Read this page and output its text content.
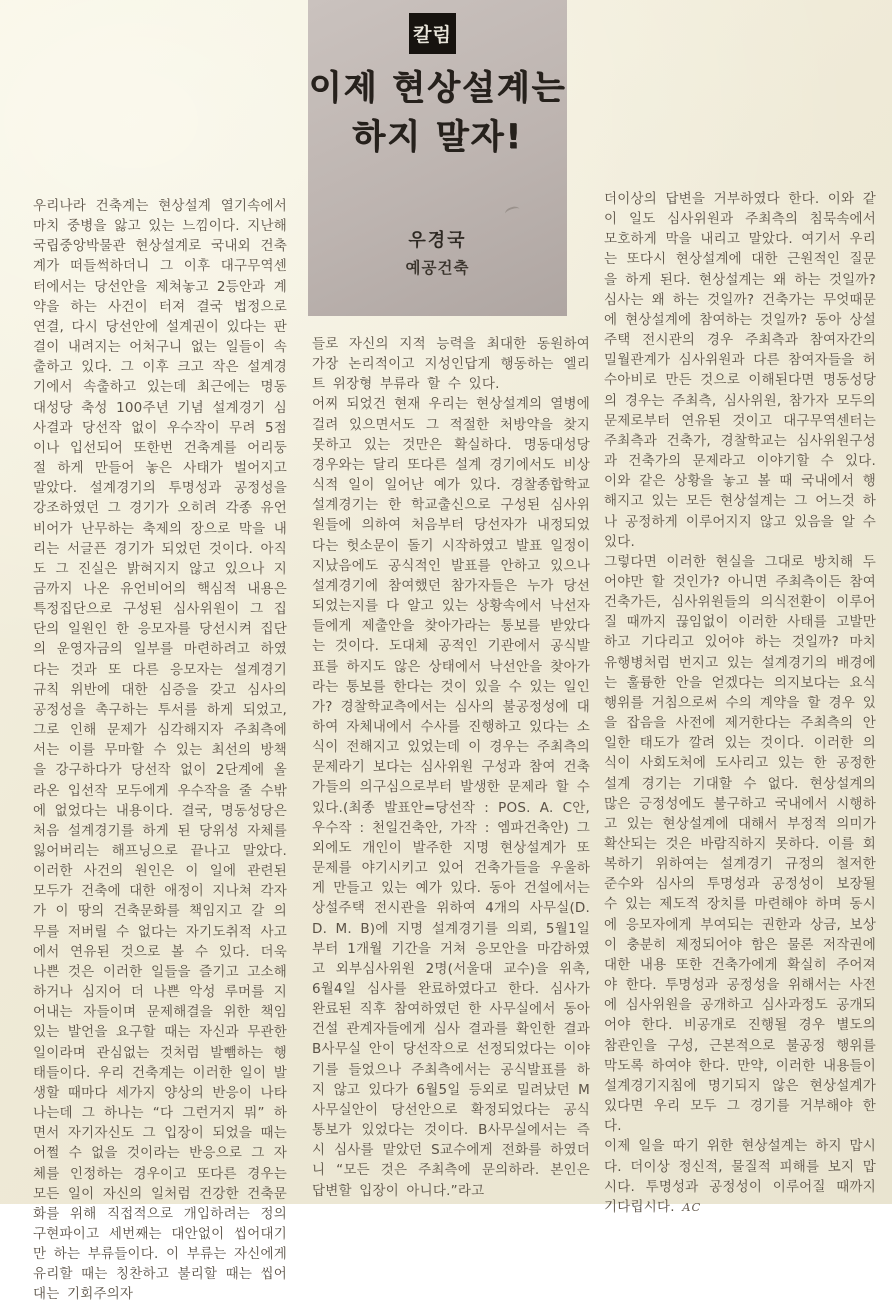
칼럼
이제 현상설계는
하지 말자!
우경국
예공건축

우리나라 건축계는 현상설계 열기속에서 마치 중병을 앓고 있는 느낌이다. 지난해 국립중앙박물관 현상설계로 국내외 건축계가 떠들썩하더니 그 이후 대구무역센터에서는 당선안을 제쳐놓고 2등안과 계약을 하는 사건이 터져 결국 법정으로 연결, 다시 당선안에 설계권이 있다는 판결이 내려지는 어처구니 없는 일들이 속출하고 있다. 그 이후 크고 작은 설계경기에서 속출하고 있는데 최근에는 명동 대성당 축성 100주년 기념 설계경기 심사결과 당선작 없이 우수작이 무려 5점이나 입선되어 또한번 건축계를 어리둥절 하게 만들어 놓은 사태가 벌어지고 말았다. 설계경기의 투명성과 공정성을 강조하였던 그 경기가 오히려 각종 유언비어가 난무하는 축제의 장으로 막을 내리는 서글픈 경기가 되었던 것이다. 아직도 그 진실은 밝혀지지 않고 있으나 지금까지 나온 유언비어의 핵심적 내용은 특정집단으로 구성된 심사위원이 그 집단의 일원인 한 응모자를 당선시켜 집단의 운영자금의 일부를 마련하려고 하였다는 것과 또 다른 응모자는 설계경기 규칙 위반에 대한 심증을 갖고 심사의 공정성을 촉구하는 투서를 하게 되었고, 그로 인해 문제가 심각해지자 주최측에서는 이를 무마할 수 있는 최선의 방책을 강구하다가 당선작 없이 2단계에 올라온 입선작 모두에게 우수작을 줄 수밖에 없었다는 내용이다. 결국, 명동성당은 처음 설계경기를 하게 된 당위성 자체를 잃어버리는 해프닝으로 끝나고 말았다. 이러한 사건의 원인은 이 일에 관련된 모두가 건축에 대한 애정이 지나쳐 각자가 이 땅의 건축문화를 책임지고 갈 의무를 저버릴 수 없다는 자기도취적 사고에서 연유된 것으로 볼 수 있다. 더욱 나쁜 것은 이러한 일들을 즐기고 고소해 하거나 심지어 더 나쁜 악성 루머를 지어내는 자들이며 문제해결을 위한 책임있는 발언을 요구할 때는 자신과 무관한 일이라며 관심없는 것처럼 발뺌하는 행태들이다. 우리 건축계는 이러한 일이 발생할 때마다 세가지 양상의 반응이 나타나는데 그 하나는 “다 그런거지 뭐” 하면서 자기자신도 그 입장이 되었을 때는 어쩔 수 없을 것이라는 반응으로 그 자체를 인정하는 경우이고 또다른 경우는 모든 일이 자신의 일처럼 건강한 건축문화를 위해 직접적으로 개입하려는 정의구현파이고 세번째는 대안없이 씹어대기만 하는 부류들이다. 이 부류는 자신에게 유리할 때는 칭찬하고 불리할 때는 씹어대는 기회주의자

들로 자신의 지적 능력을 최대한 동원하여 가장 논리적이고 지성인답게 행동하는 엘리트 위장형 부류라 할 수 있다.

어찌 되었건 현재 우리는 현상설계의 열병에 걸려 있으면서도 그 적절한 처방약을 찾지 못하고 있는 것만은 확실하다. 명동대성당 경우와는 달리 또다른 설계 경기에서도 비상식적 일이 일어난 예가 있다. 경찰종합학교 설계경기는 한 학교출신으로 구성된 심사위원들에 의하여 처음부터 당선자가 내정되었다는 헛소문이 돌기 시작하였고 발표 일정이 지났음에도 공식적인 발표를 안하고 있으나 설계경기에 참여했던 참가자들은 누가 당선되었는지를 다 알고 있는 상황속에서 낙선자들에게 제출안을 찾아가라는 통보를 받았다는 것이다. 도대체 공적인 기관에서 공식발표를 하지도 않은 상태에서 낙선안을 찾아가라는 통보를 한다는 것이 있을 수 있는 일인가? 경찰학교측에서는 심사의 불공정성에 대하여 자체내에서 수사를 진행하고 있다는 소식이 전해지고 있었는데 이 경우는 주최측의 문제라기 보다는 심사위원 구성과 참여 건축가들의 의구심으로부터 발생한 문제라 할 수 있다.(최종 발표안=당선작 : POS. A. C안, 우수작 : 천일건축안, 가작 : 엠파건축안) 그외에도 개인이 발주한 지명 현상설계가 또 문제를 야기시키고 있어 건축가들을 우울하게 만들고 있는 예가 있다. 동아 건설에서는 상설주택 전시관을 위하여 4개의 사무실(D. D. M. B)에 지명 설계경기를 의뢰, 5월1일부터 1개월 기간을 거쳐 응모안을 마감하였고 외부심사위원 2명(서울대 교수)을 위촉, 6월4일 심사를 완료하였다고 한다. 심사가 완료된 직후 참여하였던 한 사무실에서 동아건설 관계자들에게 심사 결과를 확인한 결과 B사무실 안이 당선작으로 선정되었다는 이야기를 들었으나 주최측에서는 공식발표를 하지 않고 있다가 6월5일 등외로 밀려났던 M사무실안이 당선안으로 확정되었다는 공식 통보가 있었다는 것이다. B사무실에서는 즉시 심사를 맡았던 S교수에게 전화를 하였더니 “모든 것은 주최측에 문의하라. 본인은 답변할 입장이 아니다.”라고

더이상의 답변을 거부하였다 한다. 이와 같이 일도 심사위원과 주최측의 침묵속에서 모호하게 막을 내리고 말았다. 여기서 우리는 또다시 현상설계에 대한 근원적인 질문을 하게 된다. 현상설계는 왜 하는 것일까? 심사는 왜 하는 것일까? 건축가는 무엇때문에 현상설계에 참여하는 것일까? 동아 상설주택 전시관의 경우 주최측과 참여자간의 밀월관계가 심사위원과 다른 참여자들을 허수아비로 만든 것으로 이해된다면 명동성당의 경우는 주최측, 심사위원, 참가자 모두의 문제로부터 연유된 것이고 대구무역센터는 주최측과 건축가, 경찰학교는 심사위원구성과 건축가의 문제라고 이야기할 수 있다. 이와 같은 상황을 놓고 볼 때 국내에서 행해지고 있는 모든 현상설계는 그 어느것 하나 공정하게 이루어지지 않고 있음을 알 수 있다.

그렇다면 이러한 현실을 그대로 방치해 두어야만 할 것인가? 아니면 주최측이든 참여 건축가든, 심사위원들의 의식전환이 이루어질 때까지 끊임없이 이러한 사태를 고발만 하고 기다리고 있어야 하는 것일까? 마치 유행병처럼 번지고 있는 설계경기의 배경에는 훌륭한 안을 얻겠다는 의지보다는 요식행위를 거침으로써 수의 계약을 할 경우 있을 잡음을 사전에 제거한다는 주최측의 안일한 태도가 깔려 있는 것이다. 이러한 의식이 사회도처에 도사리고 있는 한 공정한 설계 경기는 기대할 수 없다. 현상설계의 많은 긍정성에도 불구하고 국내에서 시행하고 있는 현상설계에 대해서 부정적 의미가 확산되는 것은 바람직하지 못하다. 이를 회복하기 위하여는 설계경기 규정의 철저한 준수와 심사의 투명성과 공정성이 보장될 수 있는 제도적 장치를 마련해야 하며 동시에 응모자에게 부여되는 권한과 상금, 보상이 충분히 제정되어야 함은 물론 저작권에 대한 내용 또한 건축가에게 확실히 주어져야 한다. 투명성과 공정성을 위해서는 사전에 심사위원을 공개하고 심사과정도 공개되어야 한다. 비공개로 진행될 경우 별도의 참관인을 구성, 근본적으로 불공정 행위를 막도록 하여야 한다. 만약, 이러한 내용들이 설계경기지침에 명기되지 않은 현상설계가 있다면 우리 모두 그 경기를 거부해야 한다.

이제 일을 따기 위한 현상설계는 하지 맙시다. 더이상 정신적, 물질적 피해를 보지 맙시다. 투명성과 공정성이 이루어질 때까지 기다립시다. AC
